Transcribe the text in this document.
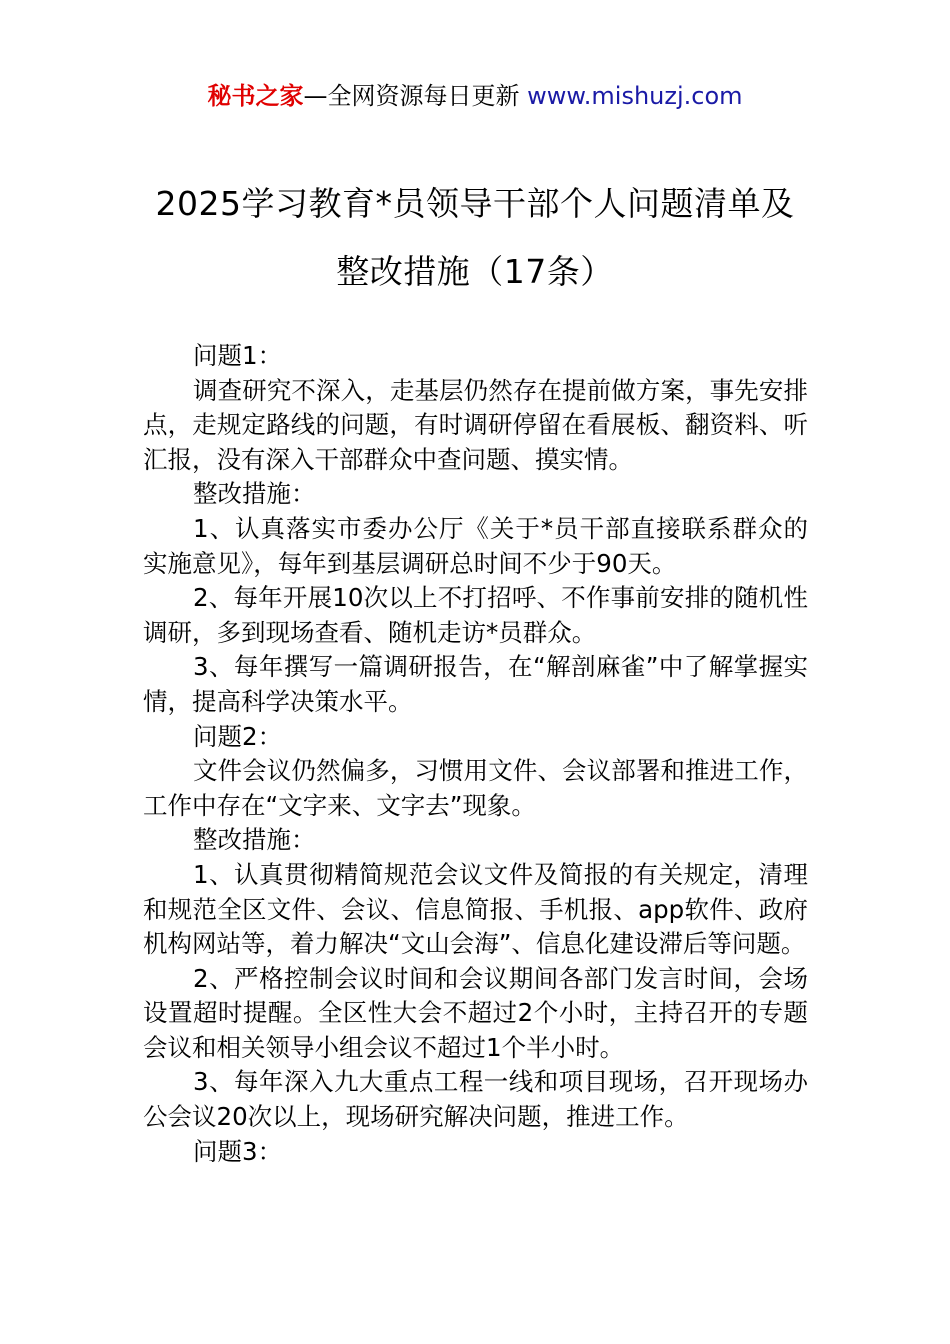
秘书之家—全网资源每日更新 www.mishuzj.com
2025学习教育*员领导干部个人问题清单及
整改措施（17条）

问题1：

调查研究不深入，走基层仍然存在提前做方案，事先安排点，走规定路线的问题，有时调研停留在看展板、翻资料、听汇报，没有深入干部群众中查问题、摸实情。

整改措施：

1、认真落实市委办公厅《关于*员干部直接联系群众的实施意见》，每年到基层调研总时间不少于90天。

2、每年开展10次以上不打招呼、不作事前安排的随机性调研，多到现场查看、随机走访*员群众。

3、每年撰写一篇调研报告，在“解剖麻雀”中了解掌握实情，提高科学决策水平。

问题2：

文件会议仍然偏多，习惯用文件、会议部署和推进工作，工作中存在“文字来、文字去”现象。

整改措施：

1、认真贯彻精简规范会议文件及简报的有关规定，清理和规范全区文件、会议、信息简报、手机报、app软件、政府机构网站等，着力解决“文山会海”、信息化建设滞后等问题。

2、严格控制会议时间和会议期间各部门发言时间，会场设置超时提醒。全区性大会不超过2个小时，主持召开的专题会议和相关领导小组会议不超过1个半小时。

3、每年深入九大重点工程一线和项目现场，召开现场办公会议20次以上，现场研究解决问题，推进工作。

问题3：
